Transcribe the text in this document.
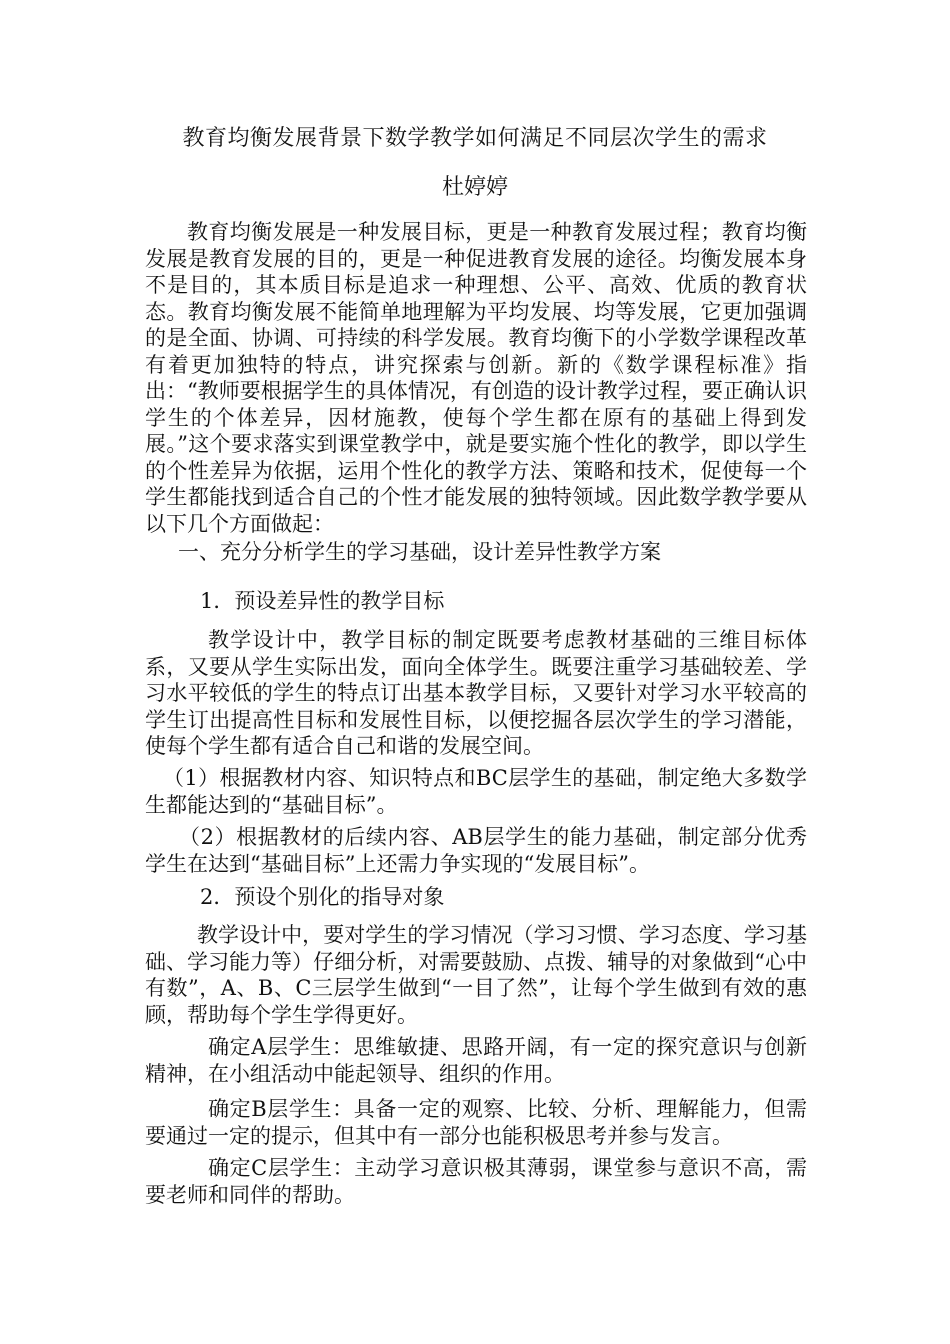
教育均衡发展背景下数学教学如何满足不同层次学生的需求
杜婷婷

教育均衡发展是一种发展目标，更是一种教育发展过程；教育均衡发展是教育发展的目的，更是一种促进教育发展的途径。均衡发展本身不是目的，其本质目标是追求一种理想、公平、高效、优质的教育状态。教育均衡发展不能简单地理解为平均发展、均等发展，它更加强调的是全面、协调、可持续的科学发展。教育均衡下的小学数学课程改革有着更加独特的特点，讲究探索与创新。新的《数学课程标准》指出：“教师要根据学生的具体情况，有创造的设计教学过程，要正确认识学生的个体差异，因材施教，使每个学生都在原有的基础上得到发展。”这个要求落实到课堂教学中，就是要实施个性化的教学，即以学生的个性差异为依据，运用个性化的教学方法、策略和技术，促使每一个学生都能找到适合自己的个性才能发展的独特领域。因此数学教学要从以下几个方面做起：

一、充分分析学生的学习基础，设计差异性教学方案
1．预设差异性的教学目标

教学设计中，教学目标的制定既要考虑教材基础的三维目标体系，又要从学生实际出发，面向全体学生。既要注重学习基础较差、学习水平较低的学生的特点订出基本教学目标，又要针对学习水平较高的学生订出提高性目标和发展性目标，以便挖掘各层次学生的学习潜能，使每个学生都有适合自己和谐的发展空间。

（1）根据教材内容、知识特点和BC层学生的基础，制定绝大多数学生都能达到的“基础目标”。

（2）根据教材的后续内容、AB层学生的能力基础，制定部分优秀学生在达到“基础目标”上还需力争实现的“发展目标”。

2．预设个别化的指导对象

教学设计中，要对学生的学习情况（学习习惯、学习态度、学习基础、学习能力等）仔细分析，对需要鼓励、点拨、辅导的对象做到“心中有数”，A、B、C三层学生做到“一目了然”，让每个学生做到有效的惠顾，帮助每个学生学得更好。

确定A层学生：思维敏捷、思路开阔，有一定的探究意识与创新精神，在小组活动中能起领导、组织的作用。

确定B层学生：具备一定的观察、比较、分析、理解能力，但需要通过一定的提示，但其中有一部分也能积极思考并参与发言。

确定C层学生：主动学习意识极其薄弱，课堂参与意识不高，需要老师和同伴的帮助。
